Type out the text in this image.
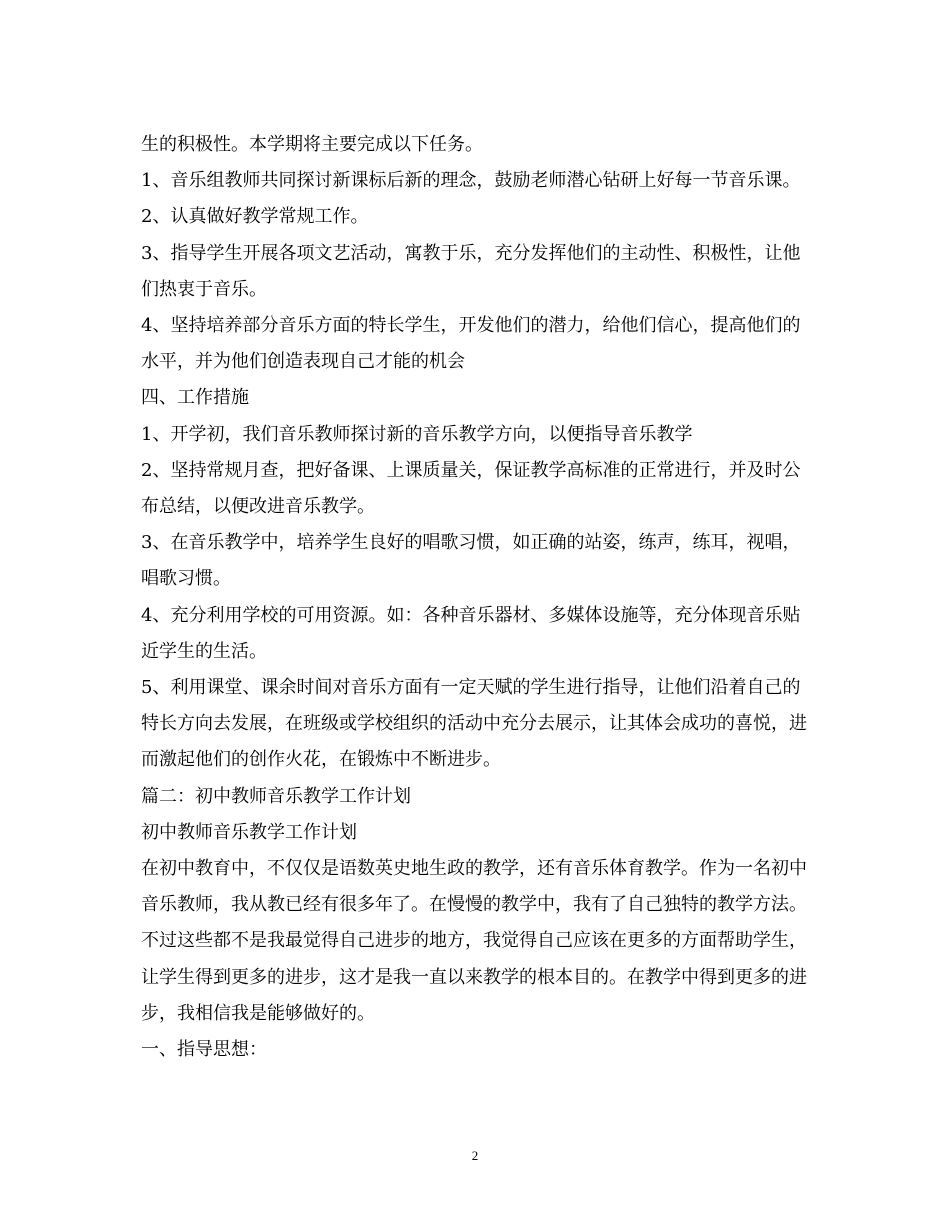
生的积极性。本学期将主要完成以下任务。

1、音乐组教师共同探讨新课标后新的理念，鼓励老师潜心钻研上好每一节音乐课。

2、认真做好教学常规工作。

3、指导学生开展各项文艺活动，寓教于乐，充分发挥他们的主动性、积极性，让他们热衷于音乐。

4、坚持培养部分音乐方面的特长学生，开发他们的潜力，给他们信心，提高他们的水平，并为他们创造表现自己才能的机会

四、工作措施

1、开学初，我们音乐教师探讨新的音乐教学方向，以便指导音乐教学

2、坚持常规月查，把好备课、上课质量关，保证教学高标准的正常进行，并及时公布总结，以便改进音乐教学。

3、在音乐教学中，培养学生良好的唱歌习惯，如正确的站姿，练声，练耳，视唱，唱歌习惯。

4、充分利用学校的可用资源。如：各种音乐器材、多媒体设施等，充分体现音乐贴近学生的生活。

5、利用课堂、课余时间对音乐方面有一定天赋的学生进行指导，让他们沿着自己的特长方向去发展，在班级或学校组织的活动中充分去展示，让其体会成功的喜悦，进而激起他们的创作火花，在锻炼中不断进步。

篇二：初中教师音乐教学工作计划

初中教师音乐教学工作计划

在初中教育中，不仅仅是语数英史地生政的教学，还有音乐体育教学。作为一名初中音乐教师，我从教已经有很多年了。在慢慢的教学中，我有了自己独特的教学方法。不过这些都不是我最觉得自己进步的地方，我觉得自己应该在更多的方面帮助学生，让学生得到更多的进步，这才是我一直以来教学的根本目的。在教学中得到更多的进步，我相信我是能够做好的。

一、指导思想：

2
